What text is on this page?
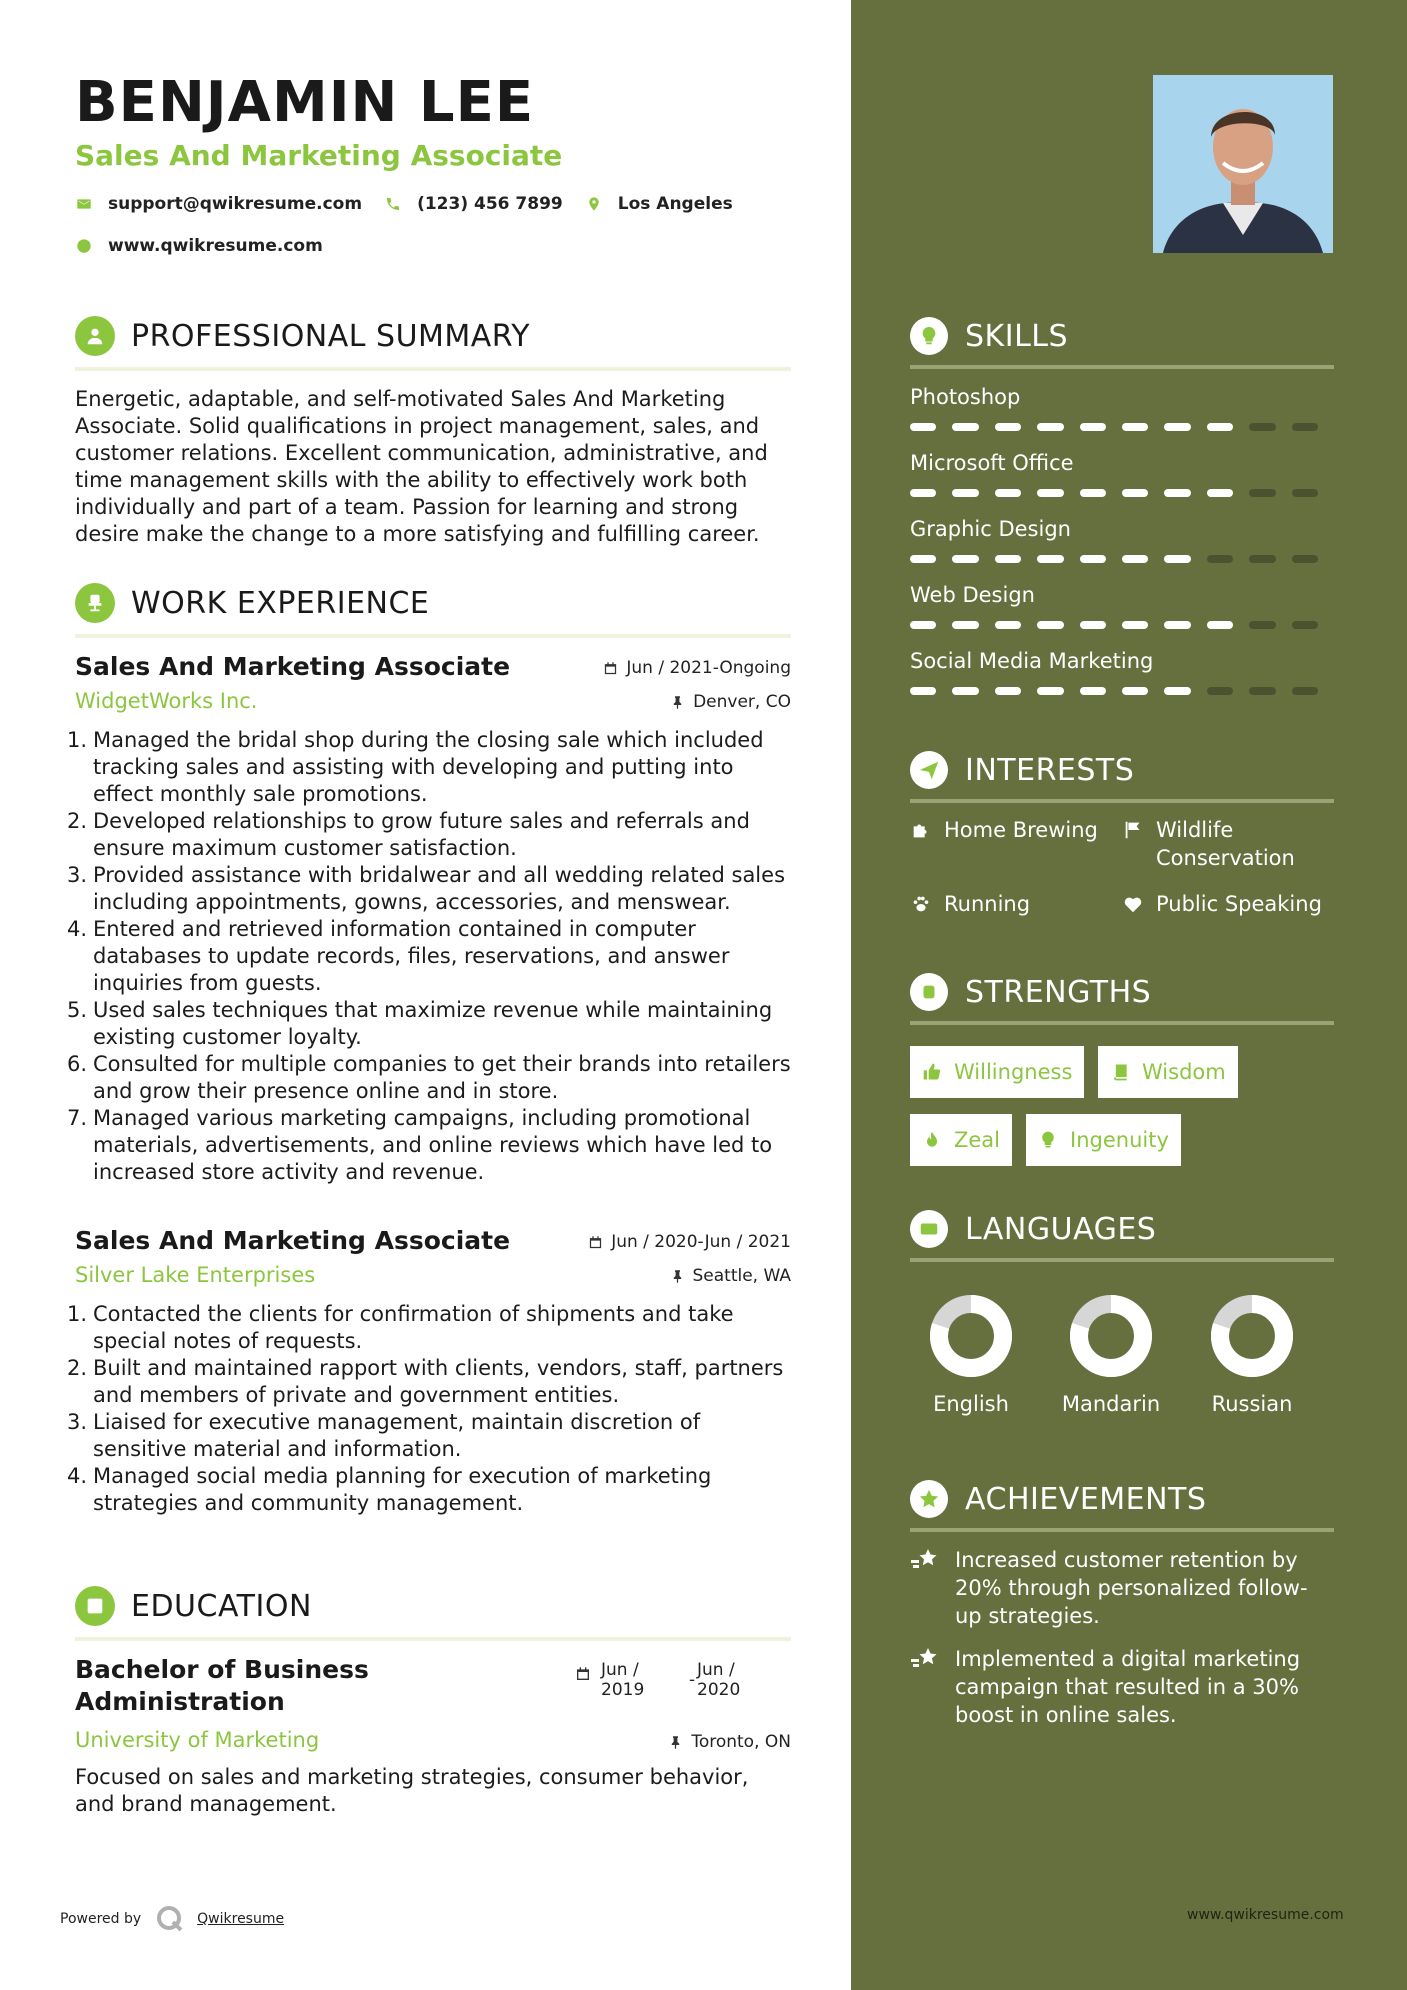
BENJAMIN LEE
Sales And Marketing Associate
support@qwikresume.com	(123) 456 7899	Los Angeles
www.qwikresume.com
PROFESSIONAL SUMMARY
Energetic, adaptable, and self-motivated Sales And Marketing Associate. Solid qualifications in project management, sales, and customer relations. Excellent communication, administrative, and time management skills with the ability to effectively work both individually and part of a team. Passion for learning and strong desire make the change to a more satisfying and fulfilling career.
WORK EXPERIENCE
Sales And Marketing Associate
WidgetWorks Inc.
Jun / 2021-Ongoing
Denver, CO
1. Managed the bridal shop during the closing sale which included tracking sales and assisting with developing and putting into effect monthly sale promotions.
2. Developed relationships to grow future sales and referrals and ensure maximum customer satisfaction.
3. Provided assistance with bridalwear and all wedding related sales including appointments, gowns, accessories, and menswear.
4. Entered and retrieved information contained in computer databases to update records, files, reservations, and answer inquiries from guests.
5. Used sales techniques that maximize revenue while maintaining existing customer loyalty.
6. Consulted for multiple companies to get their brands into retailers and grow their presence online and in store.
7. Managed various marketing campaigns, including promotional materials, advertisements, and online reviews which have led to increased store activity and revenue.
Sales And Marketing Associate
Silver Lake Enterprises
Jun / 2020-Jun / 2021
Seattle, WA
1. Contacted the clients for confirmation of shipments and take special notes of requests.
2. Built and maintained rapport with clients, vendors, staff, partners and members of private and government entities.
3. Liaised for executive management, maintain discretion of sensitive material and information.
4. Managed social media planning for execution of marketing strategies and community management.
EDUCATION
Bachelor of Business Administration
University of Marketing
Jun / 2019	- Jun / 2020
Toronto, ON
Focused on sales and marketing strategies, consumer behavior, and brand management.
Powered by	Qwikresume
SKILLS
Photoshop
Microsoft Office
Graphic Design
Web Design
Social Media Marketing
INTERESTS
Home Brewing	Wildlife Conservation
Running	Public Speaking
STRENGTHS
Willingness	Wisdom
Zeal	Ingenuity
LANGUAGES
English	Mandarin	Russian
ACHIEVEMENTS
Increased customer retention by 20% through personalized follow-up strategies.
Implemented a digital marketing campaign that resulted in a 30% boost in online sales.
www.qwikresume.com
